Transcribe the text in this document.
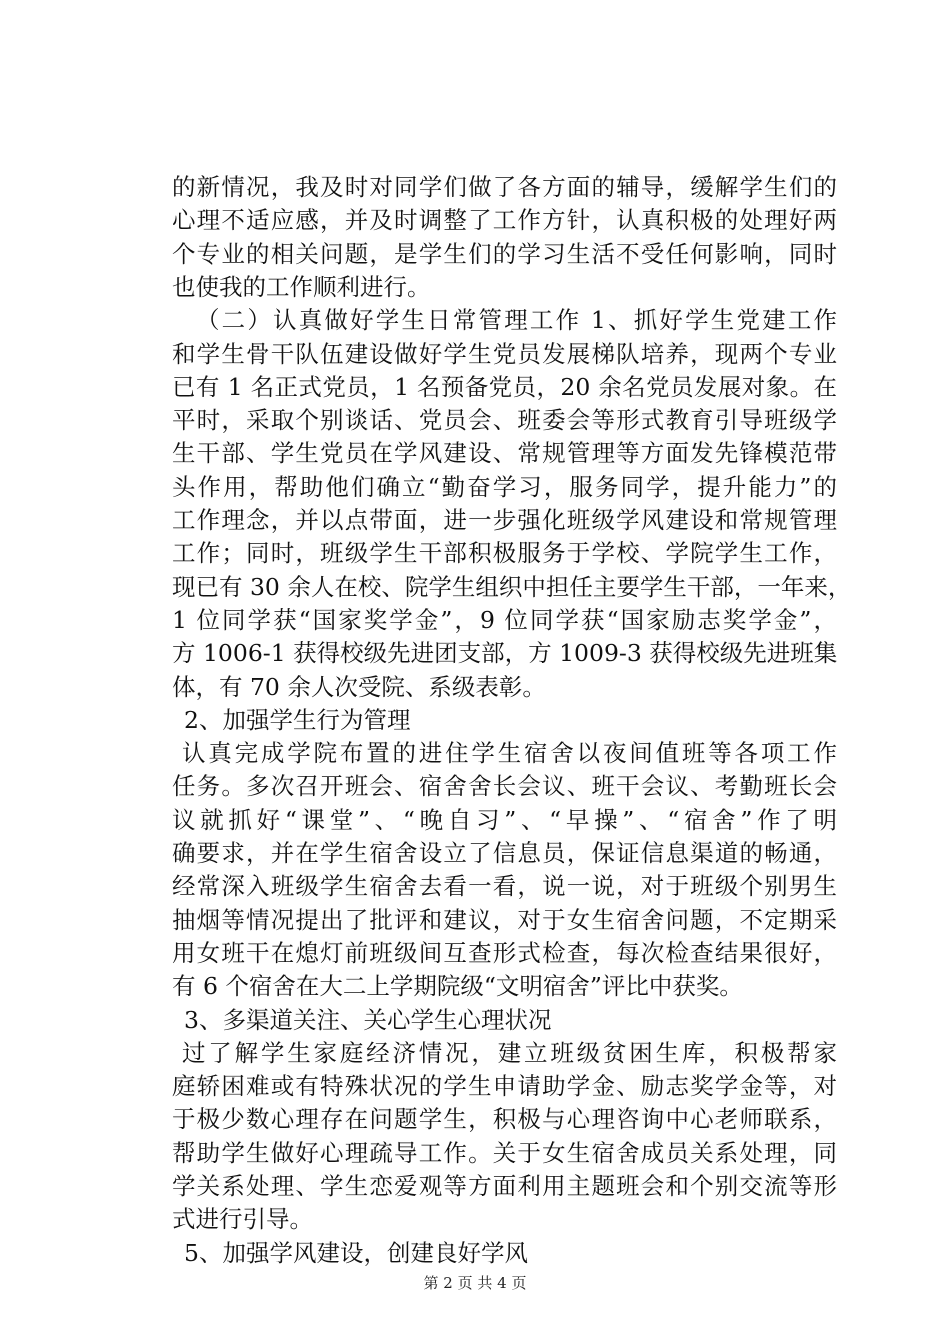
的新情况，我及时对同学们做了各方面的辅导，缓解学生们的
心理不适应感，并及时调整了工作方针，认真积极的处理好两
个专业的相关问题，是学生们的学习生活不受任何影响，同时
也使我的工作顺利进行。
（二）认真做好学生日常管理工作 1、抓好学生党建工作
和学生骨干队伍建设做好学生党员发展梯队培养，现两个专业
已有 1 名正式党员，1 名预备党员，20 余名党员发展对象。在
平时，采取个别谈话、党员会、班委会等形式教育引导班级学
生干部、学生党员在学风建设、常规管理等方面发先锋模范带
头作用，帮助他们确立“勤奋学习，服务同学，提升能力”的
工作理念，并以点带面，进一步强化班级学风建设和常规管理
工作；同时，班级学生干部积极服务于学校、学院学生工作，
现已有 30 余人在校、院学生组织中担任主要学生干部，一年来，
1 位同学获“国家奖学金”，9 位同学获“国家励志奖学金”，
方 1006-1 获得校级先进团支部，方 1009-3 获得校级先进班集
体，有 70 余人次受院、系级表彰。
2、加强学生行为管理
认真完成学院布置的进住学生宿舍以夜间值班等各项工作
任务。多次召开班会、宿舍舍长会议、班干会议、考勤班长会
议就抓好“课堂”、“晚自习”、“早操”、“宿舍”作了明
确要求，并在学生宿舍设立了信息员，保证信息渠道的畅通，
经常深入班级学生宿舍去看一看，说一说，对于班级个别男生
抽烟等情况提出了批评和建议，对于女生宿舍问题，不定期采
用女班干在熄灯前班级间互查形式检查，每次检查结果很好，
有 6 个宿舍在大二上学期院级“文明宿舍”评比中获奖。
3、多渠道关注、关心学生心理状况
过了解学生家庭经济情况，建立班级贫困生库，积极帮家
庭轿困难或有特殊状况的学生申请助学金、励志奖学金等，对
于极少数心理存在问题学生，积极与心理咨询中心老师联系，
帮助学生做好心理疏导工作。关于女生宿舍成员关系处理，同
学关系处理、学生恋爱观等方面利用主题班会和个别交流等形
式进行引导。
第 2 页 共 4 页
5、加强学风建设，创建良好学风
